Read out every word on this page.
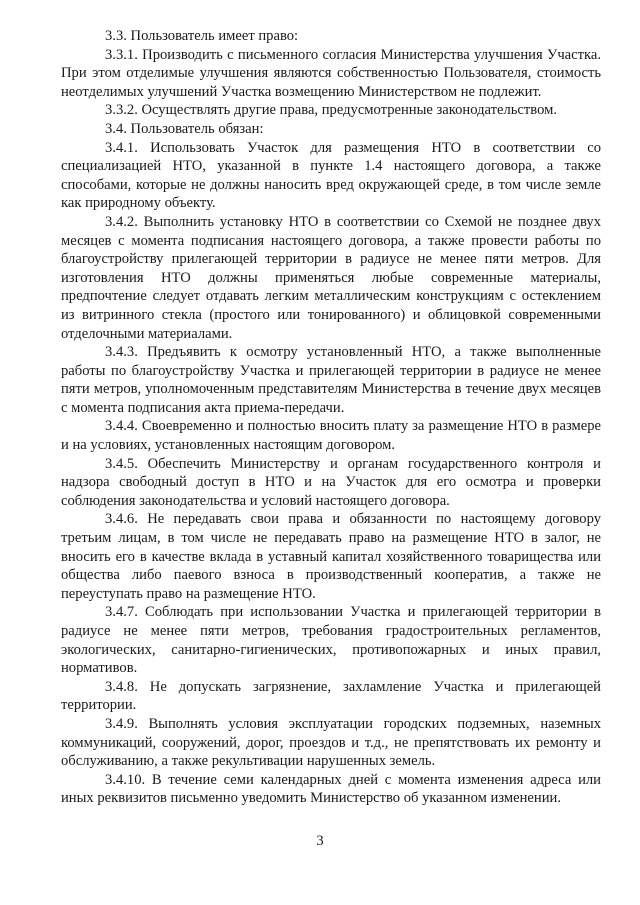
3.3. Пользователь имеет право:

3.3.1. Производить с письменного согласия Министерства улучшения Участка. При этом отделимые улучшения являются собственностью Пользователя, стоимость неотделимых улучшений Участка возмещению Министерством не подлежит.

3.3.2. Осуществлять другие права, предусмотренные законодательством.

3.4. Пользователь обязан:

3.4.1. Использовать Участок для размещения НТО в соответствии со специализацией НТО, указанной в пункте 1.4 настоящего договора, а также способами, которые не должны наносить вред окружающей среде, в том числе земле как природному объекту.

3.4.2. Выполнить установку НТО в соответствии со Схемой не позднее двух месяцев с момента подписания настоящего договора, а также провести работы по благоустройству прилегающей территории в радиусе не менее пяти метров. Для изготовления НТО должны применяться любые современные материалы, предпочтение следует отдавать легким металлическим конструкциям с остеклением из витринного стекла (простого или тонированного) и облицовкой современными отделочными материалами.

3.4.3. Предъявить к осмотру установленный НТО, а также выполненные работы по благоустройству Участка и прилегающей территории в радиусе не менее пяти метров, уполномоченным представителям Министерства в течение двух месяцев с момента подписания акта приема-передачи.

3.4.4. Своевременно и полностью вносить плату за размещение НТО в размере и на условиях, установленных настоящим договором.

3.4.5. Обеспечить Министерству и органам государственного контроля и надзора свободный доступ в НТО и на Участок для его осмотра и проверки соблюдения законодательства и условий настоящего договора.

3.4.6. Не передавать свои права и обязанности по настоящему договору третьим лицам, в том числе не передавать право на размещение НТО в залог, не вносить его в качестве вклада в уставный капитал хозяйственного товарищества или общества либо паевого взноса в производственный кооператив, а также не переуступать право на размещение НТО.

3.4.7. Соблюдать при использовании Участка и прилегающей территории в радиусе не менее пяти метров, требования градостроительных регламентов, экологических, санитарно-гигиенических, противопожарных и иных правил, нормативов.

3.4.8. Не допускать загрязнение, захламление Участка и прилегающей территории.

3.4.9. Выполнять условия эксплуатации городских подземных, наземных коммуникаций, сооружений, дорог, проездов и т.д., не препятствовать их ремонту и обслуживанию, а также рекультивации нарушенных земель.

3.4.10. В течение семи календарных дней с момента изменения адреса или иных реквизитов письменно уведомить Министерство об указанном изменении.

3
